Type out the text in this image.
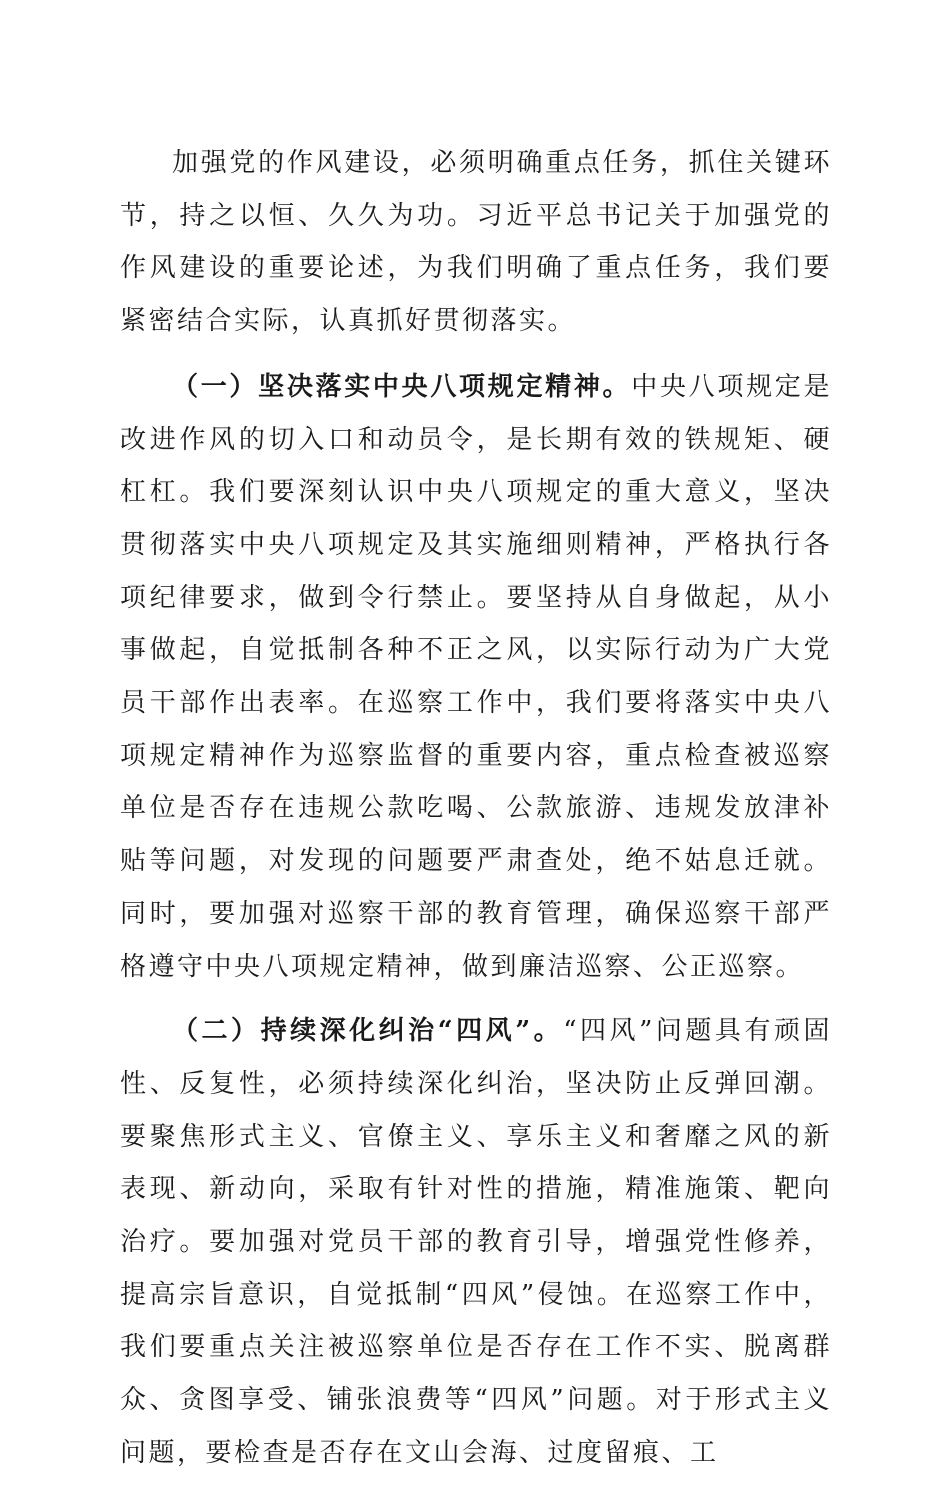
加强党的作风建设，必须明确重点任务，抓住关键环节，持之以恒、久久为功。习近平总书记关于加强党的作风建设的重要论述，为我们明确了重点任务，我们要紧密结合实际，认真抓好贯彻落实。

（一）坚决落实中央八项规定精神。中央八项规定是改进作风的切入口和动员令，是长期有效的铁规矩、硬杠杠。我们要深刻认识中央八项规定的重大意义，坚决贯彻落实中央八项规定及其实施细则精神，严格执行各项纪律要求，做到令行禁止。要坚持从自身做起，从小事做起，自觉抵制各种不正之风，以实际行动为广大党员干部作出表率。在巡察工作中，我们要将落实中央八项规定精神作为巡察监督的重要内容，重点检查被巡察单位是否存在违规公款吃喝、公款旅游、违规发放津补贴等问题，对发现的问题要严肃查处，绝不姑息迁就。同时，要加强对巡察干部的教育管理，确保巡察干部严格遵守中央八项规定精神，做到廉洁巡察、公正巡察。

（二）持续深化纠治“四风”。“四风”问题具有顽固性、反复性，必须持续深化纠治，坚决防止反弹回潮。要聚焦形式主义、官僚主义、享乐主义和奢靡之风的新表现、新动向，采取有针对性的措施，精准施策、靶向治疗。要加强对党员干部的教育引导，增强党性修养，提高宗旨意识，自觉抵制“四风”侵蚀。在巡察工作中，我们要重点关注被巡察单位是否存在工作不实、脱离群众、贪图享受、铺张浪费等“四风”问题。对于形式主义问题，要检查是否存在文山会海、过度留痕、工
